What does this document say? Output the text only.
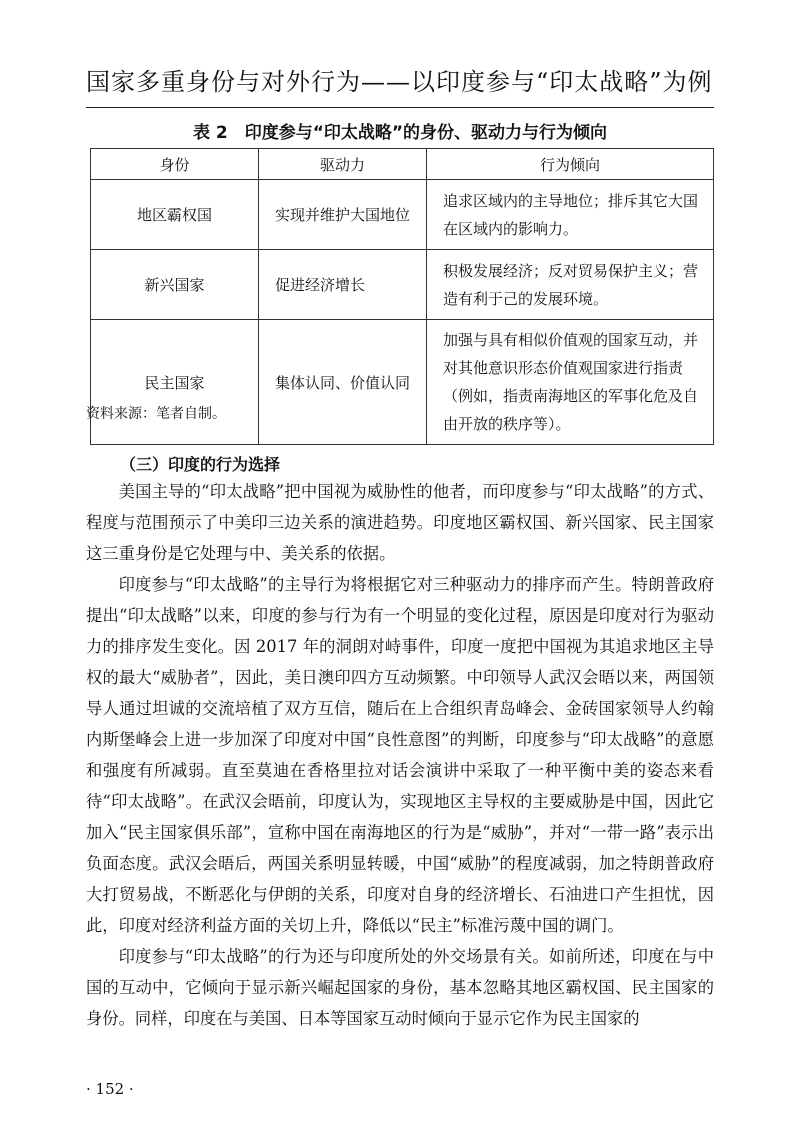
国家多重身份与对外行为——以印度参与“印太战略”为例
表 2　印度参与“印太战略”的身份、驱动力与行为倾向
身份	驱动力	行为倾向
地区霸权国	实现并维护大国地位	追求区域内的主导地位；排斥其它大国在区域内的影响力。
新兴国家	促进经济增长	积极发展经济；反对贸易保护主义；营造有利于己的发展环境。
民主国家	集体认同、价值认同	加强与具有相似价值观的国家互动，并对其他意识形态价值观国家进行指责（例如，指责南海地区的军事化危及自由开放的秩序等）。
资料来源：笔者自制。
（三）印度的行为选择

美国主导的“印太战略”把中国视为威胁性的他者，而印度参与“印太战略”的方式、程度与范围预示了中美印三边关系的演进趋势。印度地区霸权国、新兴国家、民主国家这三重身份是它处理与中、美关系的依据。

印度参与“印太战略”的主导行为将根据它对三种驱动力的排序而产生。特朗普政府提出“印太战略”以来，印度的参与行为有一个明显的变化过程，原因是印度对行为驱动力的排序发生变化。因 2017 年的洞朗对峙事件，印度一度把中国视为其追求地区主导权的最大“威胁者”，因此，美日澳印四方互动频繁。中印领导人武汉会晤以来，两国领导人通过坦诚的交流培植了双方互信，随后在上合组织青岛峰会、金砖国家领导人约翰内斯堡峰会上进一步加深了印度对中国“良性意图”的判断，印度参与“印太战略”的意愿和强度有所减弱。直至莫迪在香格里拉对话会演讲中采取了一种平衡中美的姿态来看待“印太战略”。在武汉会晤前，印度认为，实现地区主导权的主要威胁是中国，因此它加入“民主国家俱乐部”，宣称中国在南海地区的行为是“威胁”，并对“一带一路”表示出负面态度。武汉会晤后，两国关系明显转暖，中国“威胁”的程度减弱，加之特朗普政府大打贸易战，不断恶化与伊朗的关系，印度对自身的经济增长、石油进口产生担忧，因此，印度对经济利益方面的关切上升，降低以“民主”标准污蔑中国的调门。

印度参与“印太战略”的行为还与印度所处的外交场景有关。如前所述，印度在与中国的互动中，它倾向于显示新兴崛起国家的身份，基本忽略其地区霸权国、民主国家的身份。同样，印度在与美国、日本等国家互动时倾向于显示它作为民主国家的

· 152 ·
